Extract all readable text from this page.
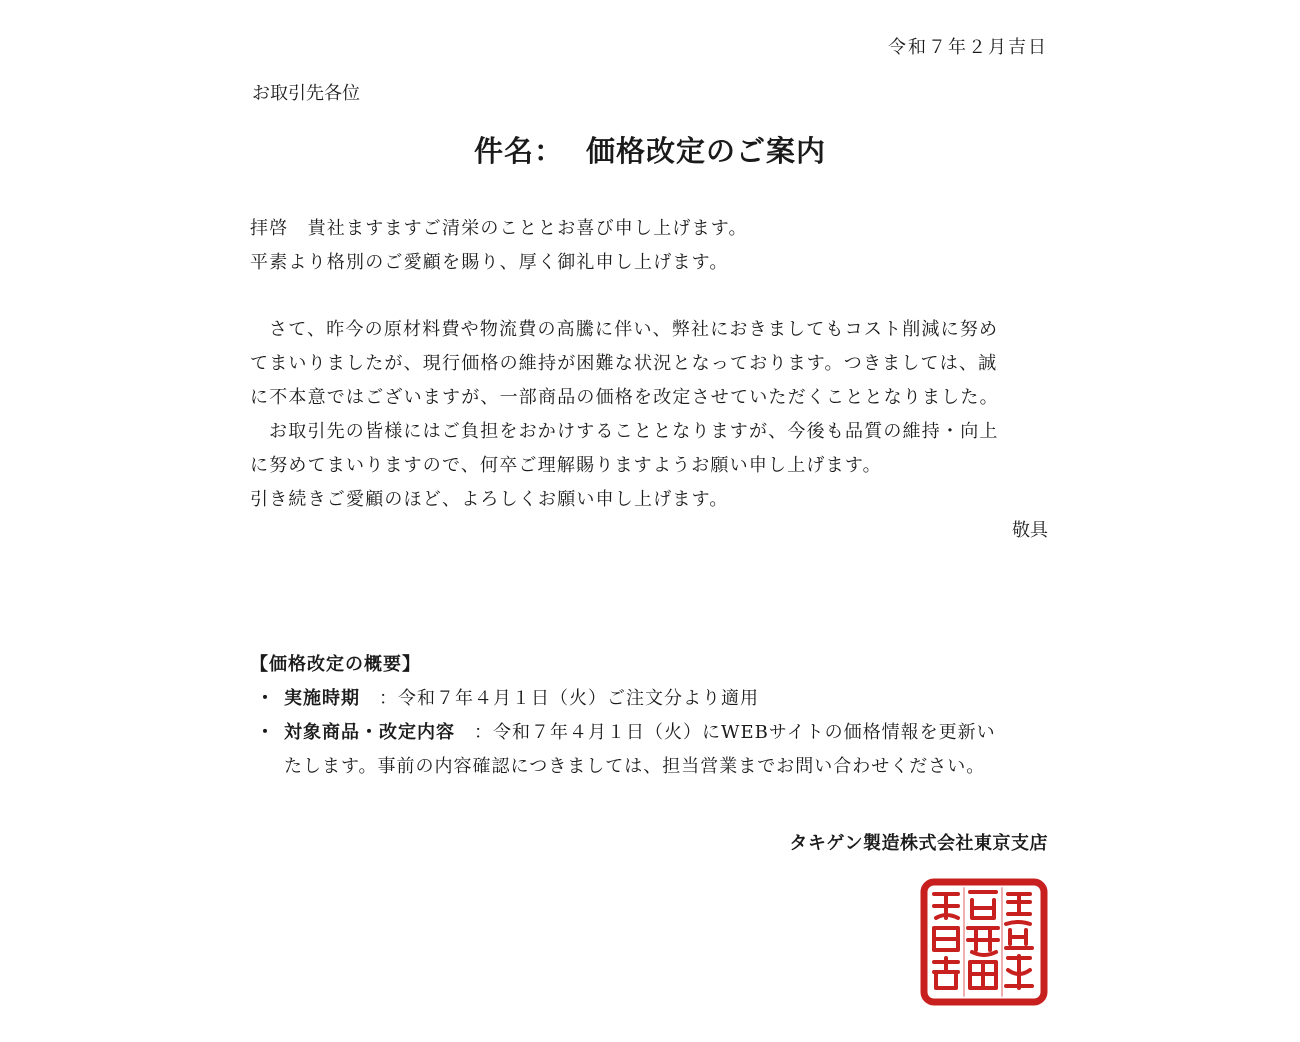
令和７年２月吉日
お取引先各位
件名： 価格改定のご案内
拝啓　貴社ますますご清栄のこととお喜び申し上げます。
平素より格別のご愛顧を賜り、厚く御礼申し上げます。
さて、昨今の原材料費や物流費の高騰に伴い、弊社におきましてもコスト削減に努め
てまいりましたが、現行価格の維持が困難な状況となっております。つきましては、誠
に不本意ではございますが、一部商品の価格を改定させていただくこととなりました。
お取引先の皆様にはご負担をおかけすることとなりますが、今後も品質の維持・向上
に努めてまいりますので、何卒ご理解賜りますようお願い申し上げます。
引き続きご愛顧のほど、よろしくお願い申し上げます。
敬具
【価格改定の概要】
・ 実施時期　：令和７年４月１日（火）ご注文分より適用
・ 対象商品・改定内容　：令和７年４月１日（火）にWEBサイトの価格情報を更新い
たします。事前の内容確認につきましては、担当営業までお問い合わせください。
タキゲン製造株式会社東京支店
